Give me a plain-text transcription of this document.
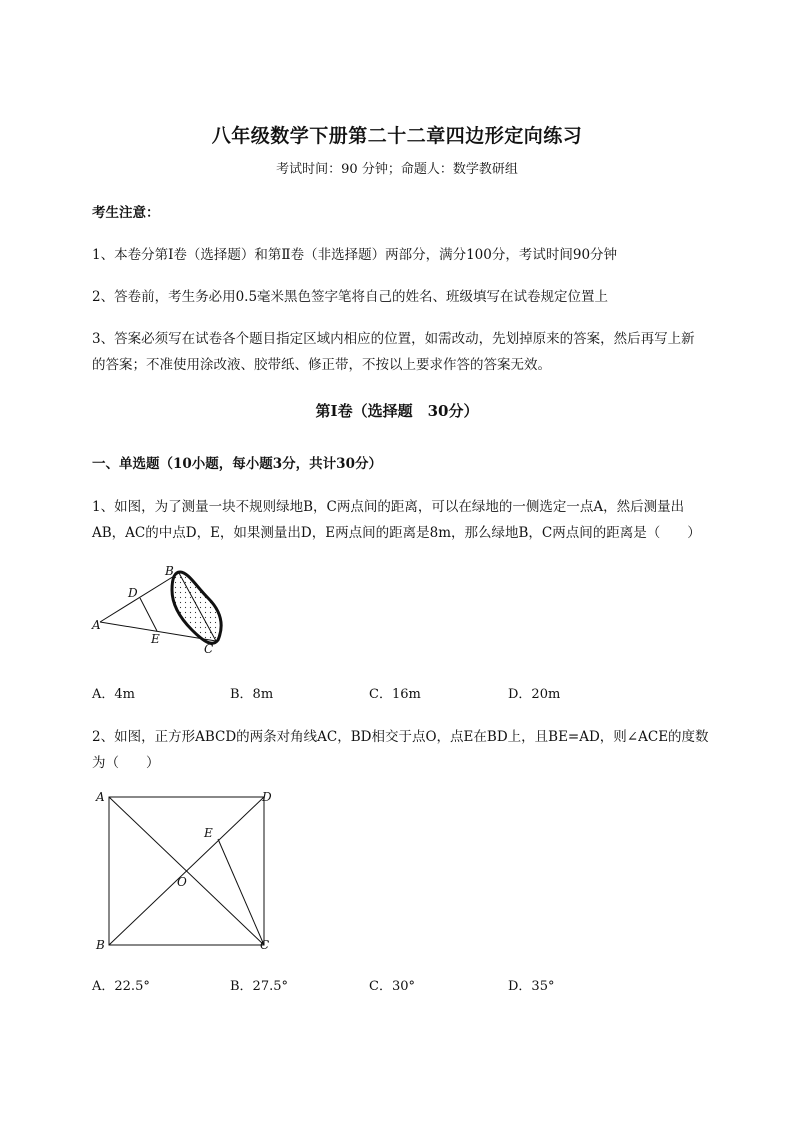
八年级数学下册第二十二章四边形定向练习
考试时间：90 分钟；命题人：数学教研组
考生注意：
1、本卷分第Ⅰ卷（选择题）和第Ⅱ卷（非选择题）两部分，满分100分，考试时间90分钟
2、答卷前，考生务必用0.5毫米黑色签字笔将自己的姓名、班级填写在试卷规定位置上
3、答案必须写在试卷各个题目指定区域内相应的位置，如需改动，先划掉原来的答案，然后再写上新
的答案；不准使用涂改液、胶带纸、修正带，不按以上要求作答的答案无效。
第Ⅰ卷（选择题　30分）
一、单选题（10小题，每小题3分，共计30分）
1、如图，为了测量一块不规则绿地B，C两点间的距离，可以在绿地的一侧选定一点A，然后测量出
AB，AC的中点D，E，如果测量出D，E两点间的距离是8m，那么绿地B，C两点间的距离是（　　）
B
D
A
E
C
A．4m	B．8m	C．16m	D．20m
2、如图，正方形ABCD的两条对角线AC，BD相交于点O，点E在BD上，且BE=AD，则∠ACE的度数
为（　　）
A	D
E
O
B	C
A．22.5°	B．27.5°	C．30°	D．35°
